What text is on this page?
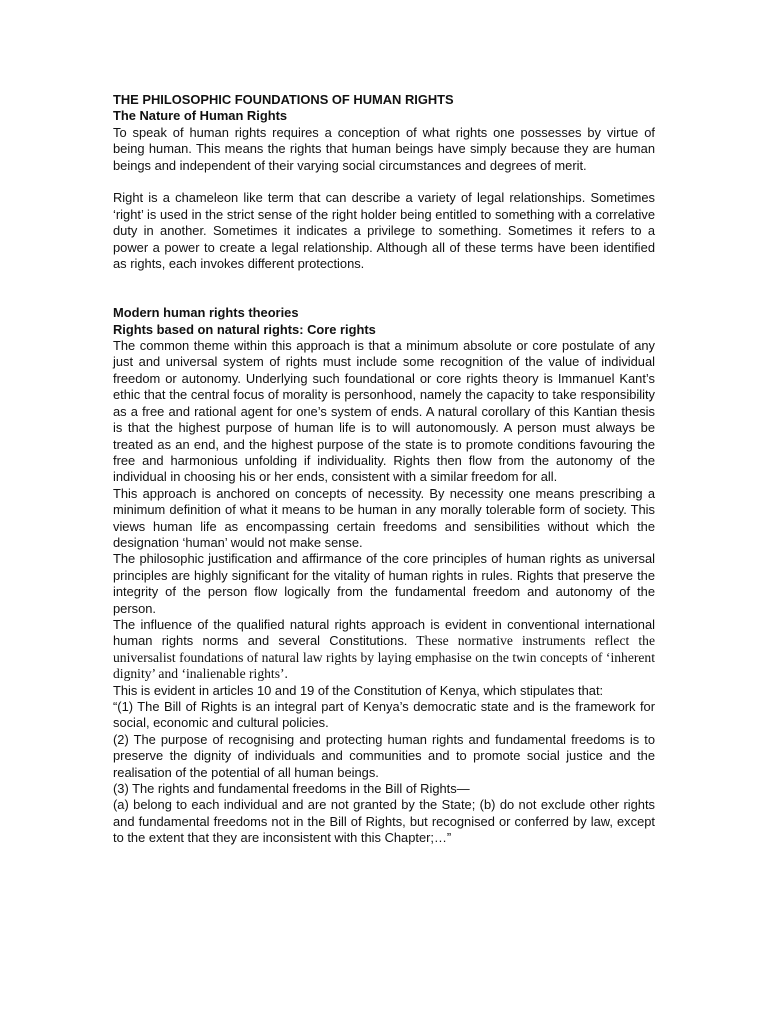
THE PHILOSOPHIC FOUNDATIONS OF HUMAN RIGHTS

The Nature of Human Rights

To speak of human rights requires a conception of what rights one possesses by virtue of being human. This means the rights that human beings have simply because they are human beings and independent of their varying social circumstances and degrees of merit.

Right is a chameleon like term that can describe a variety of legal relationships. Sometimes ‘right’ is used in the strict sense of the right holder being entitled to something with a correlative duty in another. Sometimes it indicates a privilege to something. Sometimes it refers to a power a power to create a legal relationship. Although all of these terms have been identified as rights, each invokes different protections.

Modern human rights theories

Rights based on natural rights: Core rights

The common theme within this approach is that a minimum absolute or core postulate of any just and universal system of rights must include some recognition of the value of individual freedom or autonomy. Underlying such foundational or core rights theory is Immanuel Kant’s ethic that the central focus of morality is personhood, namely the capacity to take responsibility as a free and rational agent for one’s system of ends. A natural corollary of this Kantian thesis is that the highest purpose of human life is to will autonomously. A person must always be treated as an end, and the highest purpose of the state is to promote conditions favouring the free and harmonious unfolding if individuality. Rights then flow from the autonomy of the individual in choosing his or her ends, consistent with a similar freedom for all.

This approach is anchored on concepts of necessity. By necessity one means prescribing a minimum definition of what it means to be human in any morally tolerable form of society. This views human life as encompassing certain freedoms and sensibilities without which the designation ‘human’ would not make sense.

The philosophic justification and affirmance of the core principles of human rights as universal principles are highly significant for the vitality of human rights in rules. Rights that preserve the integrity of the person flow logically from the fundamental freedom and autonomy of the person.

The influence of the qualified natural rights approach is evident in conventional international human rights norms and several Constitutions. These normative instruments reflect the universalist foundations of natural law rights by laying emphasise on the twin concepts of ‘inherent dignity’ and ‘inalienable rights’.

This is evident in articles 10 and 19 of the Constitution of Kenya, which stipulates that:

“(1) The Bill of Rights is an integral part of Kenya’s democratic state and is the framework for social, economic and cultural policies.

(2) The purpose of recognising and protecting human rights and fundamental freedoms is to preserve the dignity of individuals and communities and to promote social justice and the realisation of the potential of all human beings.

(3) The rights and fundamental freedoms in the Bill of Rights—

(a) belong to each individual and are not granted by the State; (b) do not exclude other rights and fundamental freedoms not in the Bill of Rights, but recognised or conferred by law, except to the extent that they are inconsistent with this Chapter;…”
